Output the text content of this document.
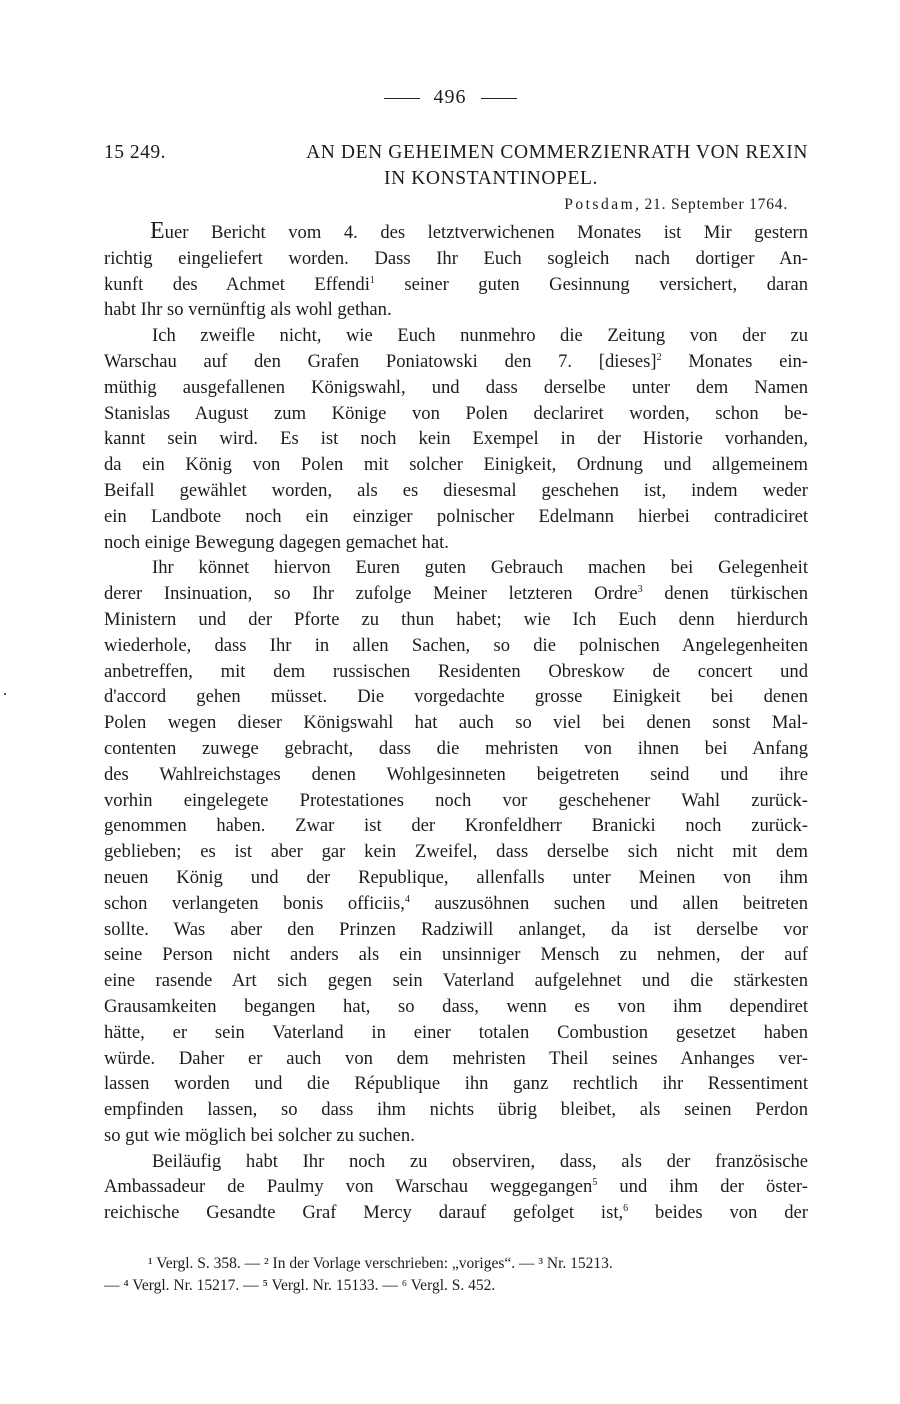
496
15 249.	AN DEN GEHEIMEN COMMERZIENRATH VON REXIN
IN KONSTANTINOPEL.
Potsdam, 21. September 1764.
Euer Bericht vom 4. des letztverwichenen Monates ist Mir gestern
richtig eingeliefert worden. Dass Ihr Euch sogleich nach dortiger An-
kunft des Achmet Effendi$^1$ seiner guten Gesinnung versichert, daran
habt Ihr so vernünftig als wohl gethan.
Ich zweifle nicht, wie Euch nunmehro die Zeitung von der zu
Warschau auf den Grafen Poniatowski den 7. [dieses]$^2$ Monates ein-
müthig ausgefallenen Königswahl, und dass derselbe unter dem Namen
Stanislas August zum Könige von Polen declariret worden, schon be-
kannt sein wird. Es ist noch kein Exempel in der Historie vorhanden,
da ein König von Polen mit solcher Einigkeit, Ordnung und allgemeinem
Beifall gewählet worden, als es diesesmal geschehen ist, indem weder
ein Landbote noch ein einziger polnischer Edelmann hierbei contradiciret
noch einige Bewegung dagegen gemachet hat.
Ihr könnet hiervon Euren guten Gebrauch machen bei Gelegenheit
derer Insinuation, so Ihr zufolge Meiner letzteren Ordre$^3$ denen türkischen
Ministern und der Pforte zu thun habet; wie Ich Euch denn hierdurch
wiederhole, dass Ihr in allen Sachen, so die polnischen Angelegenheiten
anbetreffen, mit dem russischen Residenten Obreskow de concert und
d'accord gehen müsset. Die vorgedachte grosse Einigkeit bei denen
Polen wegen dieser Königswahl hat auch so viel bei denen sonst Mal-
contenten zuwege gebracht, dass die mehristen von ihnen bei Anfang
des Wahlreichstages denen Wohlgesinneten beigetreten seind und ihre
vorhin eingelegete Protestationes noch vor geschehener Wahl zurück-
genommen haben. Zwar ist der Kronfeldherr Branicki noch zurück-
geblieben; es ist aber gar kein Zweifel, dass derselbe sich nicht mit dem
neuen König und der Republique, allenfalls unter Meinen von ihm
schon verlangeten bonis officiis,$^4$ auszusöhnen suchen und allen beitreten
sollte. Was aber den Prinzen Radziwill anlanget, da ist derselbe vor
seine Person nicht anders als ein unsinniger Mensch zu nehmen, der auf
eine rasende Art sich gegen sein Vaterland aufgelehnet und die stärkesten
Grausamkeiten begangen hat, so dass, wenn es von ihm dependiret
hätte, er sein Vaterland in einer totalen Combustion gesetzet haben
würde. Daher er auch von dem mehristen Theil seines Anhanges ver-
lassen worden und die République ihn ganz rechtlich ihr Ressentiment
empfinden lassen, so dass ihm nichts übrig bleibet, als seinen Perdon
so gut wie möglich bei solcher zu suchen.
Beiläufig habt Ihr noch zu observiren, dass, als der französische
Ambassadeur de Paulmy von Warschau weggegangen$^5$ und ihm der öster-
reichische Gesandte Graf Mercy darauf gefolget ist,$^6$ beides von der
¹ Vergl. S. 358. — ² In der Vorlage verschrieben: „voriges“. — ³ Nr. 15213.
— ⁴ Vergl. Nr. 15217. — ⁵ Vergl. Nr. 15133. — ⁶ Vergl. S. 452.
